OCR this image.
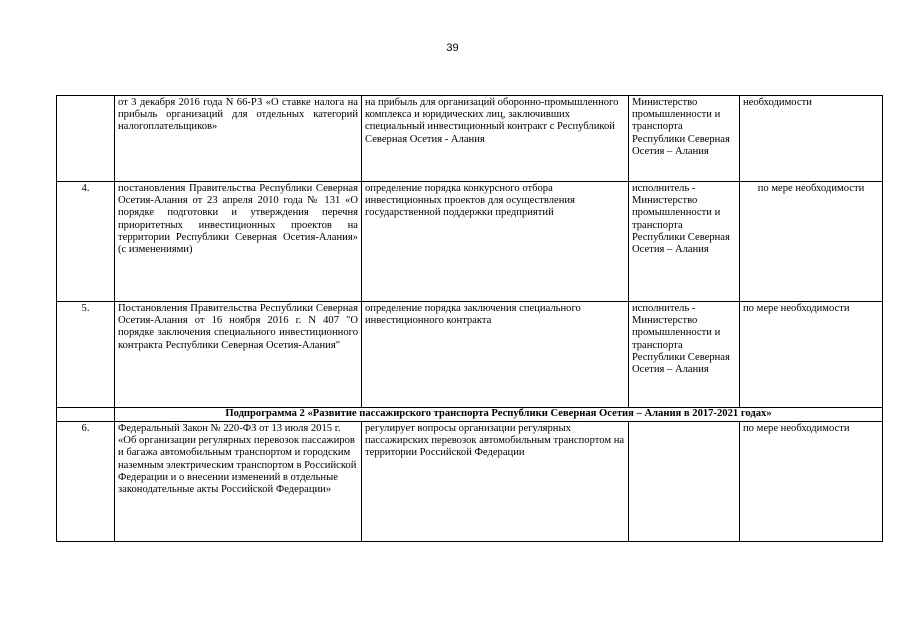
39
	от 3 декабря 2016 года N 66-РЗ «О ставке налога на прибыль организаций для отдельных категорий налогоплательщиков»	на прибыль для организаций оборонно-промышленного комплекса и юридических лиц, заключивших специальный инвестиционный контракт с Республикой Северная Осетия - Алания	Министерство промышленности и транспорта Республики Северная Осетия – Алания	необходимости
4.	постановления Правительства Республики Северная Осетия-Алания от 23 апреля 2010 года № 131 «О порядке подготовки и утверждения перечня приоритетных инвестиционных проектов на территории Республики Северная Осетия-Алания» (с изменениями)	определение порядка конкурсного отбора инвестиционных проектов для осуществления государственной поддержки предприятий	исполнитель - Министерство промышленности и транспорта Республики Северная Осетия – Алания	по мере необходимости
5.	Постановления Правительства Республики Северная Осетия-Алания от 16 ноября 2016 г. N 407 "О порядке заключения специального инвестиционного контракта Республики Северная Осетия-Алания"	определение порядка заключения специального инвестиционного контракта	исполнитель - Министерство промышленности и транспорта Республики Северная Осетия – Алания	по мере необходимости
	Подпрограмма 2 «Развитие пассажирского транспорта Республики Северная Осетия – Алания в 2017-2021 годах»			
6.	Федеральный Закон № 220-ФЗ от 13 июля 2015 г. «Об организации регулярных перевозок пассажиров и багажа автомобильным транспортом и городским наземным электрическим транспортом в Российской Федерации и о внесении изменений в отдельные законодательные акты Российской Федерации»	регулирует вопросы организации регулярных пассажирских перевозок автомобильным транспортом на территории Российской Федерации		по мере необходимости
